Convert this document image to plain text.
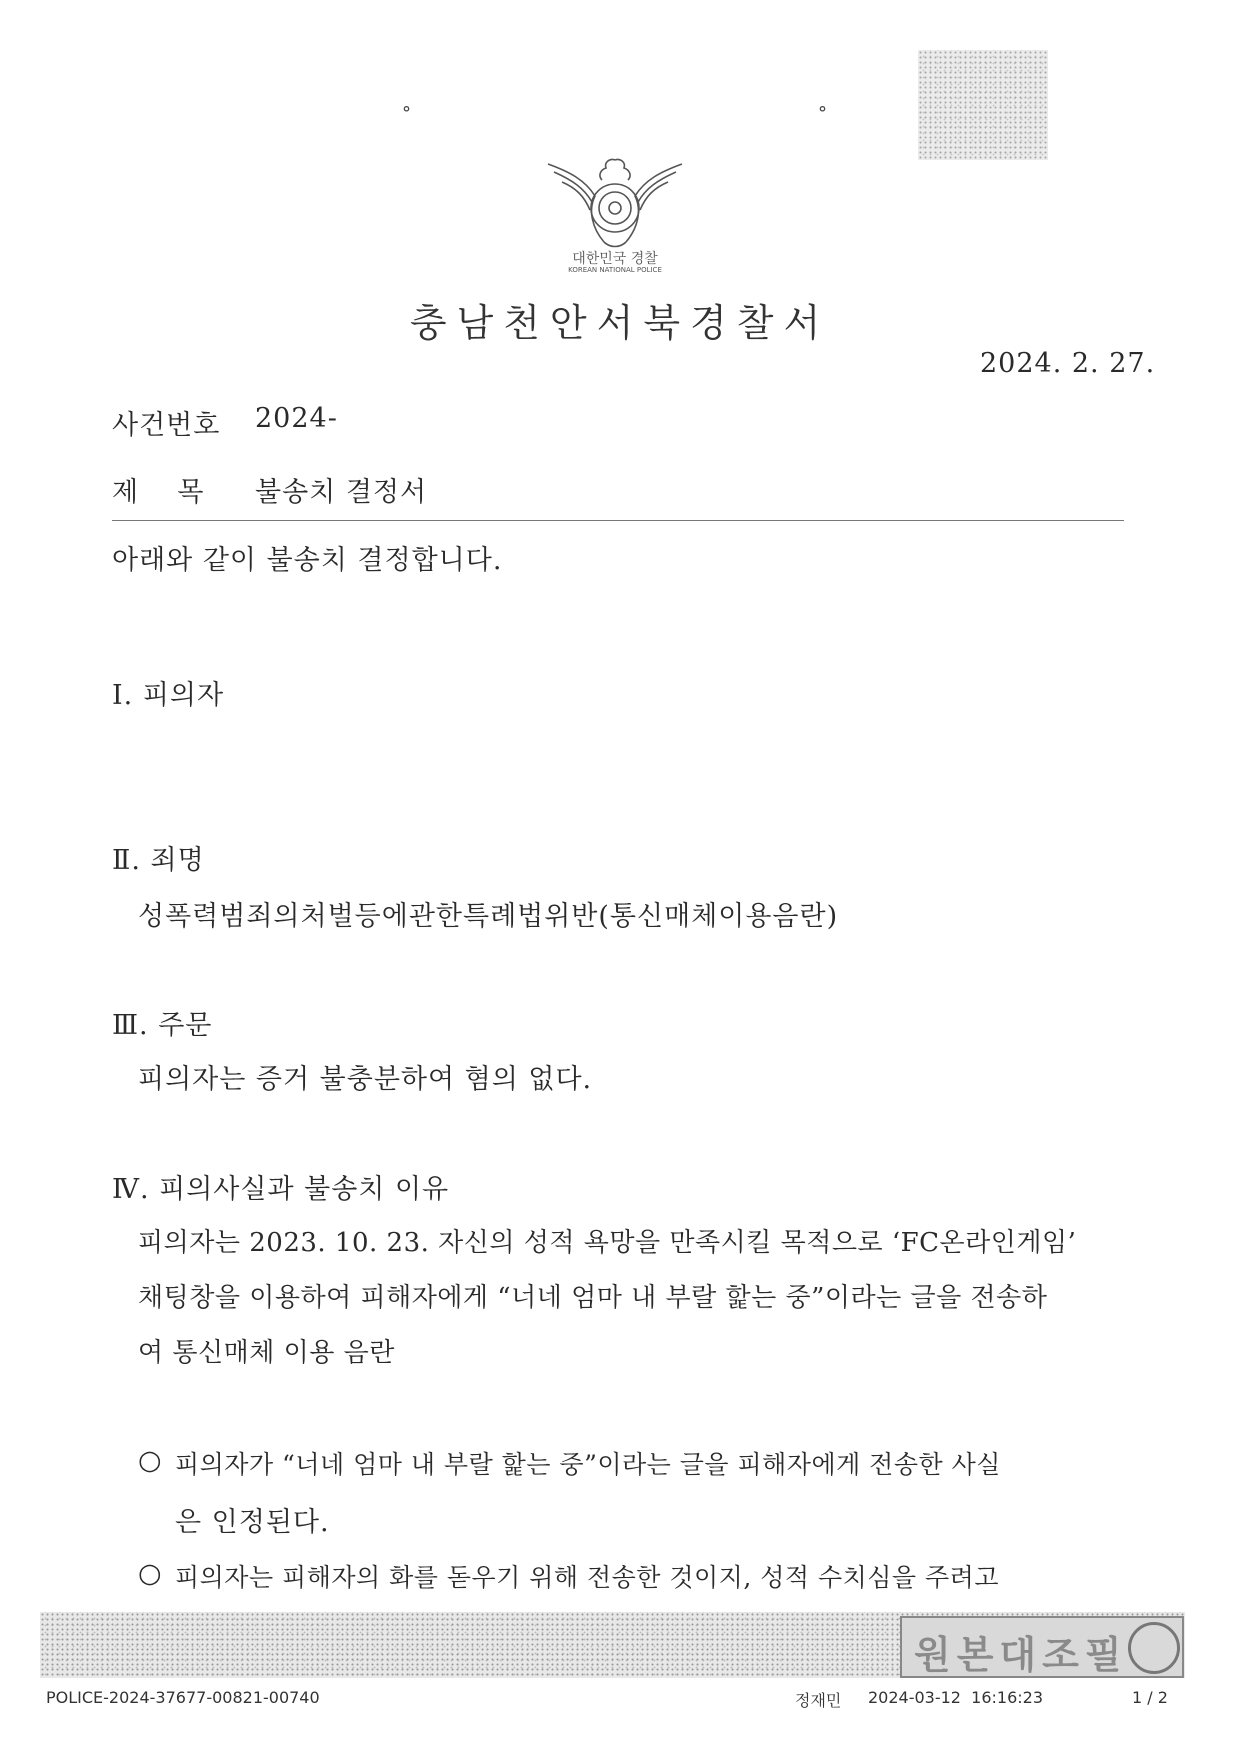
°	°
대한민국 경찰
KOREAN NATIONAL POLICE
충남천안서북경찰서
2024. 2. 27.
사건번호 2024-
제    목 불송치 결정서
아래와 같이 불송치 결정합니다.
Ⅰ. 피의자
Ⅱ. 죄명
성폭력범죄의처벌등에관한특례법위반(통신매체이용음란)
Ⅲ. 주문
피의자는 증거 불충분하여 혐의 없다.
Ⅳ. 피의사실과 불송치 이유
피의자는 2023. 10. 23. 자신의 성적 욕망을 만족시킬 목적으로 ‘FC온라인게임’
채팅창을 이용하여 피해자에게 “너네 엄마 내 부랄 핥는 중”이라는 글을 전송하
여 통신매체 이용 음란
○ 피의자가 “너네 엄마 내 부랄 핥는 중”이라는 글을 피해자에게 전송한 사실
은 인정된다.
○ 피의자는 피해자의 화를 돋우기 위해 전송한 것이지, 성적 수치심을 주려고
원본대조필
POLICE-2024-37677-00821-00740	정재민 2024-03-12  16:16:23	1 / 2
